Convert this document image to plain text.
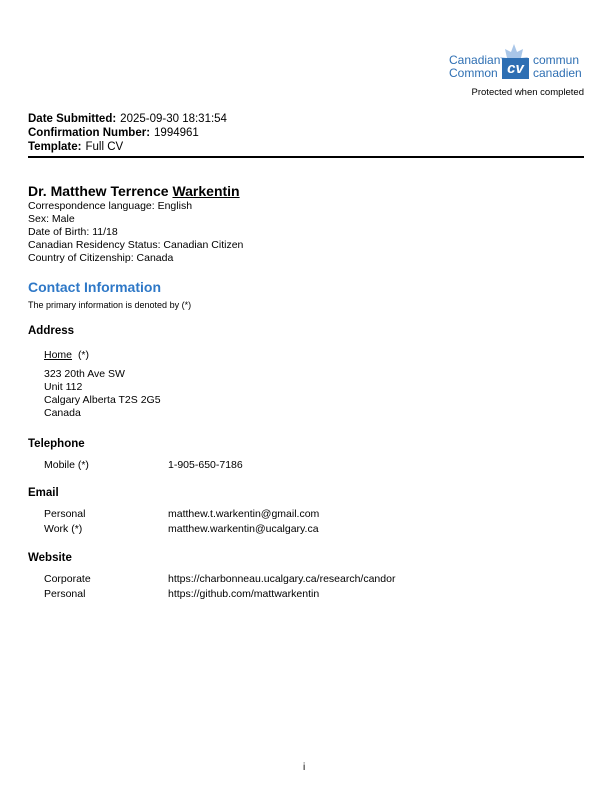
cv
Canadian
Common
commun
canadien
Protected when completed
Date Submitted: 2025-09-30 18:31:54
Confirmation Number: 1994961
Template: Full CV
Dr. Matthew Terrence Warkentin
Correspondence language: English
Sex: Male
Date of Birth: 11/18
Canadian Residency Status: Canadian Citizen
Country of Citizenship: Canada
Contact Information
The primary information is denoted by (*)
Address
Home (*)
323 20th Ave SW
Unit 112
Calgary Alberta T2S 2G5
Canada
Telephone
Mobile (*)	1-905-650-7186
Email
Personal	matthew.t.warkentin@gmail.com
Work (*)	matthew.warkentin@ucalgary.ca
Website
Corporate	https://charbonneau.ucalgary.ca/research/candor
Personal	https://github.com/mattwarkentin
i
